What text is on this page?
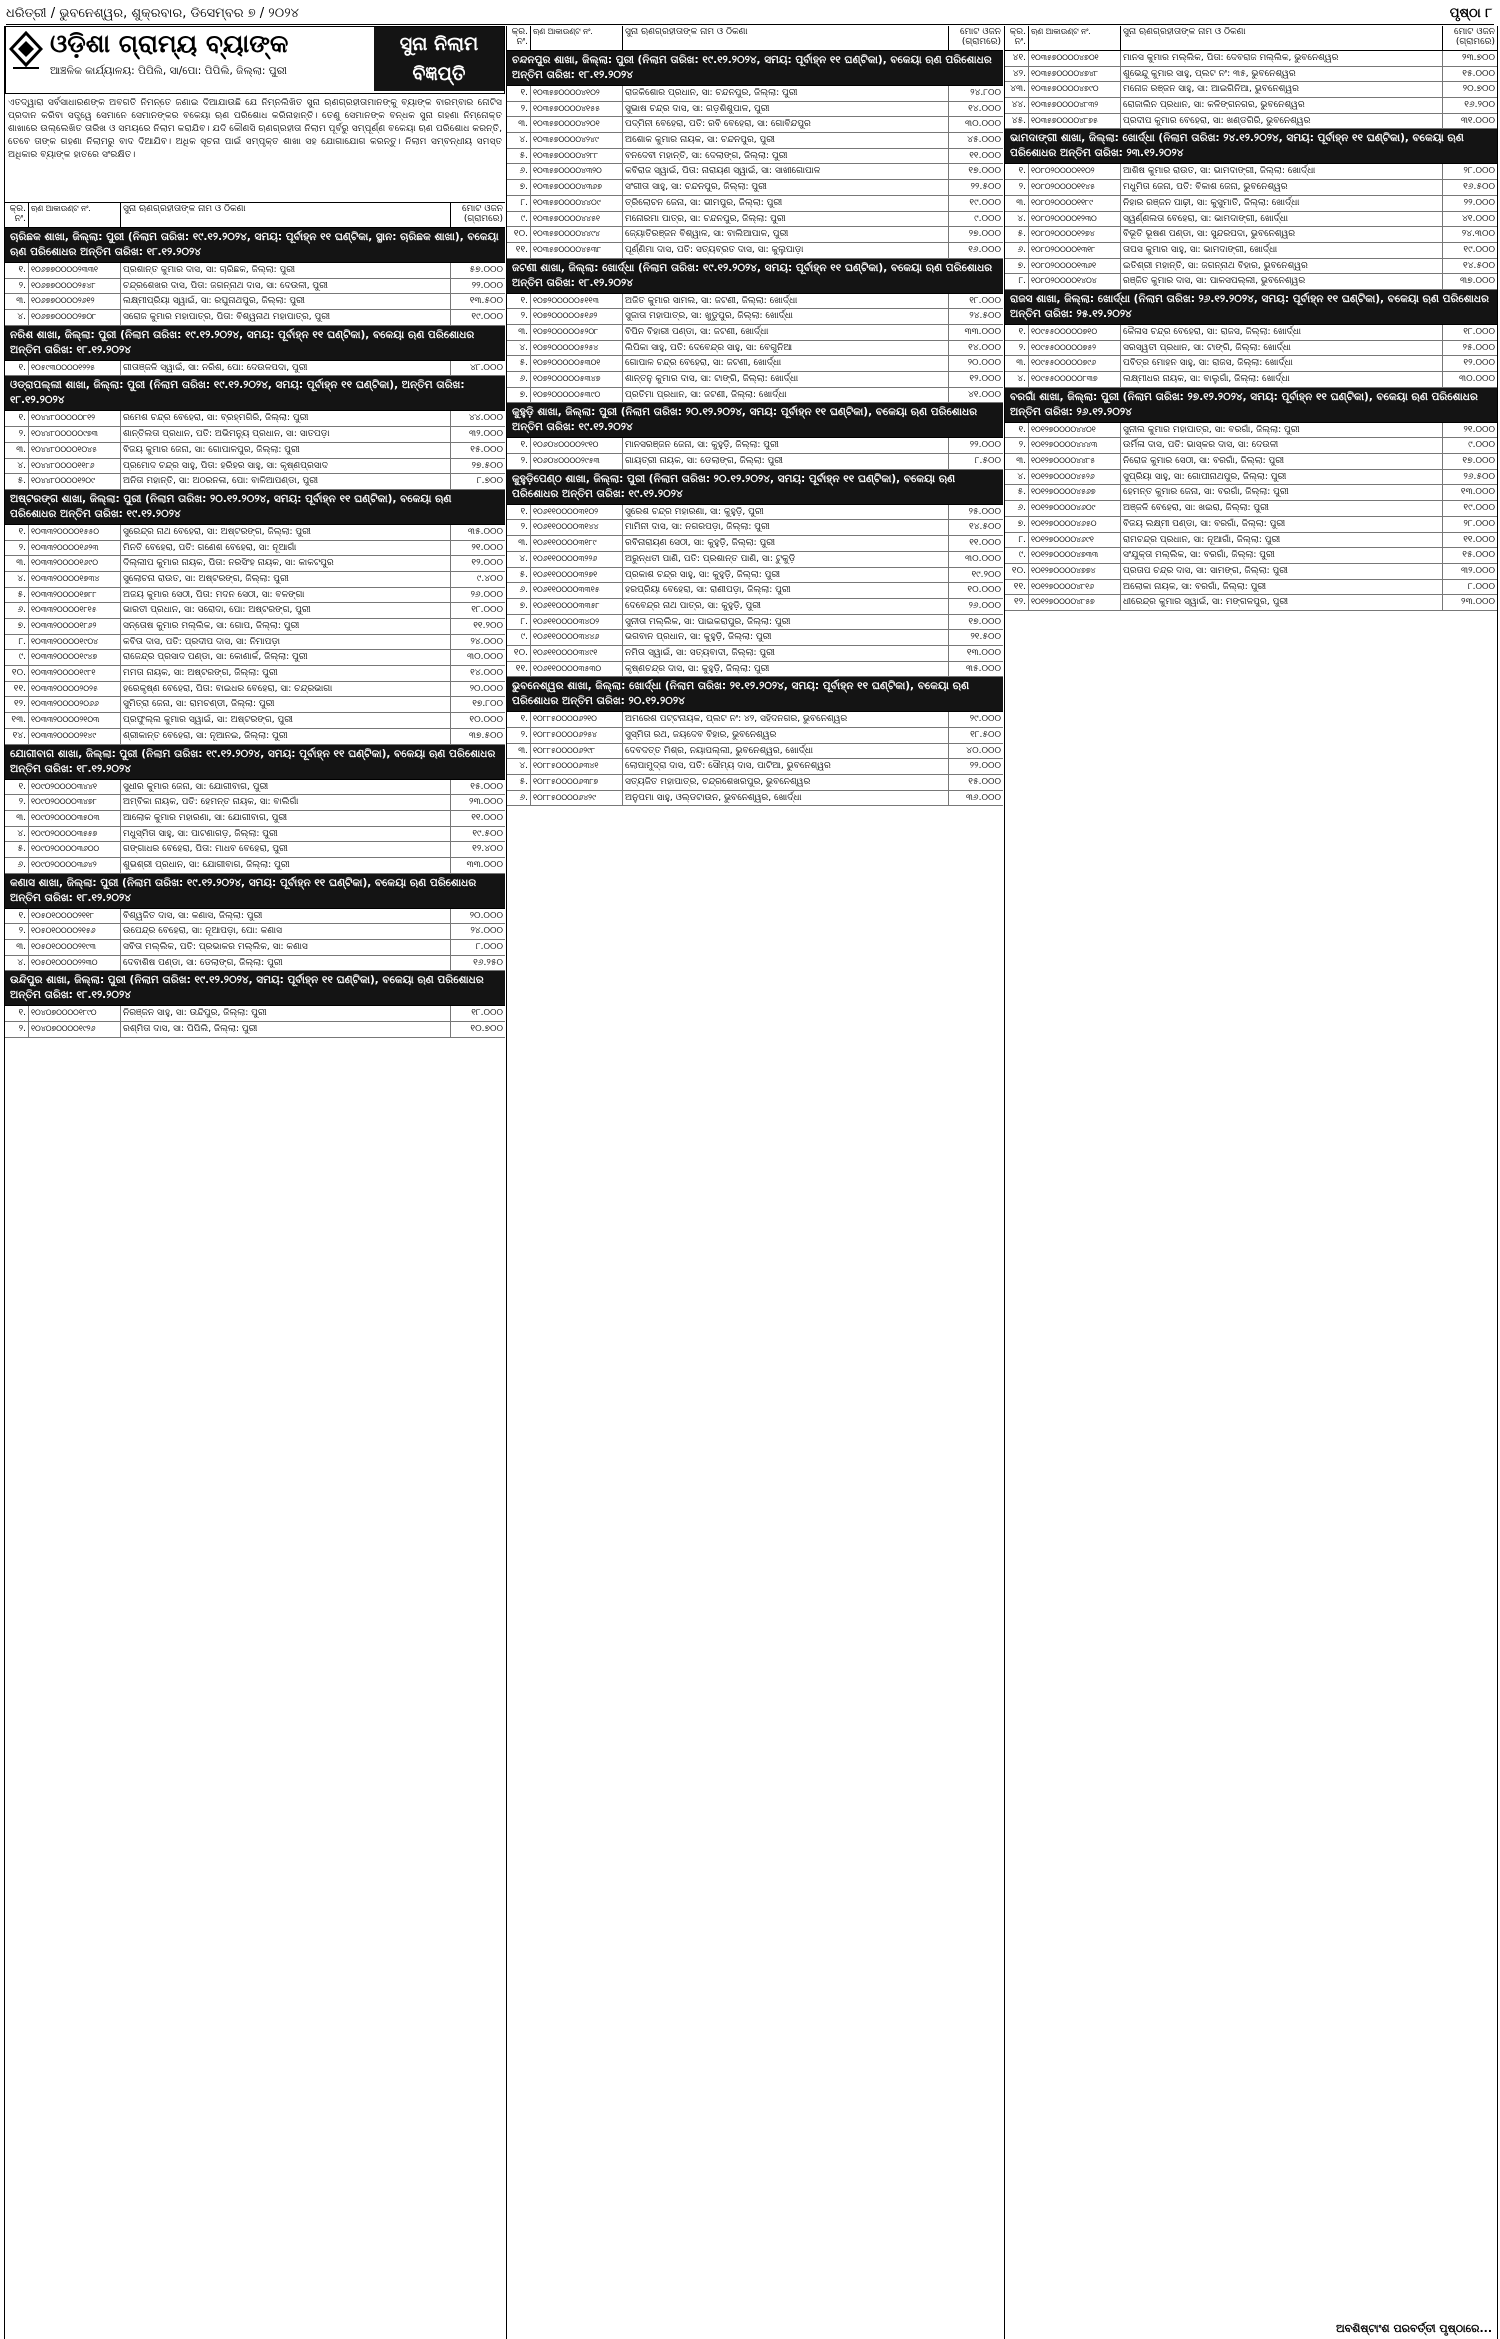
ଧରିତ୍ରୀ / ଭୁବନେଶ୍ୱର, ଶୁକ୍ରବାର, ଡିସେମ୍ବର ୭ / ୨୦୨୪	ପୃଷ୍ଠା ୮
ଓଡ଼ିଶା ଗ୍ରାମ୍ୟ ବ୍ୟାଙ୍କ
ଆଞ୍ଚଳିକ କାର୍ଯ୍ୟାଳୟ: ପିପିଲି, ସା/ପୋ: ପିପିଲି, ଜିଲ୍ଲା: ପୁରୀ
ସୁନା ନିଲାମ ବିଜ୍ଞପ୍ତି
ଏତଦ୍ୱାରା ସର୍ବସାଧାରଣଙ୍କ ଅବଗତି ନିମନ୍ତେ ଜଣାଇ ଦିଆଯାଉଛି ଯେ ନିମ୍ନଲିଖିତ ସୁନା ଋଣଗ୍ରହୀତାମାନଙ୍କୁ ବ୍ୟାଙ୍କ ବାରମ୍ବାର ନୋଟିସ ପ୍ରଦାନ କରିବା ସତ୍ତ୍ୱେ ସେମାନେ ସେମାନଙ୍କର ବକେୟା ଋଣ ପରିଶୋଧ କରିନାହାନ୍ତି। ତେଣୁ ସେମାନଙ୍କ ବନ୍ଧକ ସୁନା ଗହଣା ନିମ୍ନୋକ୍ତ ଶାଖାରେ ଉଲ୍ଲେଖିତ ତାରିଖ ଓ ସମୟରେ ନିଲାମ କରାଯିବ। ଯଦି କୌଣସି ଋଣଗ୍ରହୀତା ନିଲାମ ପୂର୍ବରୁ ସମ୍ପୂର୍ଣ୍ଣ ବକେୟା ଋଣ ପରିଶୋଧ କରନ୍ତି, ତେବେ ତାଙ୍କ ଗହଣା ନିଲାମରୁ ବାଦ ଦିଆଯିବ। ଅଧିକ ସୂଚନା ପାଇଁ ସମ୍ପୃକ୍ତ ଶାଖା ସହ ଯୋଗାଯୋଗ କରନ୍ତୁ। ନିଲାମ ସମ୍ବନ୍ଧୀୟ ସମସ୍ତ ଅଧିକାର ବ୍ୟାଙ୍କ ହାତରେ ସଂରକ୍ଷିତ।
କ୍ର. ନଂ.
ଋଣ ଆକାଉଣ୍ଟ ନଂ.	ସୁନା ଋଣଗ୍ରହୀତାଙ୍କ ନାମ ଓ ଠିକଣା	ମୋଟ ଓଜନ (ଗ୍ରାମରେ)
ଚାରିଛକ ଶାଖା, ଜିଲ୍ଲା: ପୁରୀ (ନିଲାମ ତାରିଖ: ୧୯.୧୨.୨୦୨୪, ସମୟ: ପୂର୍ବାହ୍ନ ୧୧ ଘଣ୍ଟିକା, ସ୍ଥାନ: ଚାରିଛକ ଶାଖା), ବକେୟା ଋଣ ପରିଶୋଧର ଅନ୍ତିମ ତାରିଖ: ୧୮.୧୨.୨୦୨୪
୧. ୧୦୬୭୭୦୦୦୦୨୩୩୧	ପ୍ରଶାନ୍ତ କୁମାର ଦାସ, ସା: ଚାରିଛକ, ଜିଲ୍ଲା: ପୁରୀ	୫୭.୦୦୦
୨. ୧୦୬୭୭୦୦୦୦୨୫୪୮	ଚନ୍ଦ୍ରଶେଖର ଦାସ, ପିତା: ଜଗନ୍ନାଥ ଦାସ, ସା: ଦେଉଳୀ, ପୁରୀ	୨୨.୦୦୦
୩. ୧୦୬୭୭୦୦୦୦୨୬୧୨	ଲକ୍ଷ୍ମୀପ୍ରିୟା ସ୍ୱାଇଁ, ସା: ରଘୁନାଥପୁର, ଜିଲ୍ଲା: ପୁରୀ	୧୩.୫୦୦
୪. ୧୦୬୭୭୦୦୦୦୨୭୦୮	ସରୋଜ କୁମାର ମହାପାତ୍ର, ପିତା: ବିଶ୍ୱନାଥ ମହାପାତ୍ର, ପୁରୀ	୧୯.୦୦୦
ନରିଶ ଶାଖା, ଜିଲ୍ଲା: ପୁରୀ (ନିଲାମ ତାରିଖ: ୧୯.୧୨.୨୦୨୪, ସମୟ: ପୂର୍ବାହ୍ନ ୧୧ ଘଣ୍ଟିକା), ବକେୟା ଋଣ ପରିଶୋଧର ଅନ୍ତିମ ତାରିଖ: ୧୮.୧୨.୨୦୨୪
୧. ୧୦୫୯୩୦୦୦୦୧୨୨୫	ଗୀତାଞ୍ଜଳି ସ୍ୱାଇଁ, ସା: ନରିଶ, ପୋ: ଦେଉଳପଦା, ପୁରୀ	୪୮.୦୦୦
ଓଡ୍ରାପଲ୍ଲୀ ଶାଖା, ଜିଲ୍ଲା: ପୁରୀ (ନିଲାମ ତାରିଖ: ୧୯.୧୨.୨୦୨୪, ସମୟ: ପୂର୍ବାହ୍ନ ୧୧ ଘଣ୍ଟିକା), ଅନ୍ତିମ ତାରିଖ: ୧୮.୧୨.୨୦୨୪
୧. ୧୦୪୪୮୦୦୦୦୦୮୧୨	ରମେଶ ଚନ୍ଦ୍ର ବେହେରା, ସା: ବ୍ରହ୍ମଗିରି, ଜିଲ୍ଲା: ପୁରୀ	୪୪.୦୦୦
୨. ୧୦୪୪୮୦୦୦୦୦୯୭୩	ଶାନ୍ତିଲତା ପ୍ରଧାନ, ପତି: ଅଭିମନ୍ୟୁ ପ୍ରଧାନ, ସା: ସାତପଡ଼ା	୩୨.୦୦୦
୩. ୧୦୪୪୮୦୦୦୦୧୦୪୫	ବିଜୟ କୁମାର ଜେନା, ସା: ଗୋପାଳପୁର, ଜିଲ୍ଲା: ପୁରୀ	୧୫.୦୦୦
୪. ୧୦୪୪୮୦୦୦୦୧୧୮୬	ପ୍ରମୋଦ ଚନ୍ଦ୍ର ସାହୁ, ପିତା: ହରିହର ସାହୁ, ସା: କୃଷ୍ଣପ୍ରସାଦ	୨୭.୫୦୦
୫. ୧୦୪୪୮୦୦୦୦୧୨୦୯	ଅନିତା ମହାନ୍ତି, ସା: ଅଠରନଳା, ପୋ: ବାଳିଆପଣ୍ଡା, ପୁରୀ	୮.୭୦୦
ଅଷ୍ଟରଙ୍ଗ ଶାଖା, ଜିଲ୍ଲା: ପୁରୀ (ନିଲାମ ତାରିଖ: ୨୦.୧୨.୨୦୨୪, ସମୟ: ପୂର୍ବାହ୍ନ ୧୧ ଘଣ୍ଟିକା), ବକେୟା ଋଣ ପରିଶୋଧର ଅନ୍ତିମ ତାରିଖ: ୧୯.୧୨.୨୦୨୪
୧. ୧୦୩୩୨୦୦୦୦୧୫୫୦	ସୁରେନ୍ଦ୍ର ନାଥ ବେହେରା, ସା: ଅଷ୍ଟରଙ୍ଗ, ଜିଲ୍ଲା: ପୁରୀ	୩୫.୦୦୦
୨. ୧୦୩୩୨୦୦୦୦୧୬୨୩	ମିନତି ବେହେରା, ପତି: ଗଣେଶ ବେହେରା, ସା: ନୂଆଗାଁ	୨୧.୦୦୦
୩. ୧୦୩୩୨୦୦୦୦୧୬୯୦	ଦିଲ୍ଲୀପ କୁମାର ନାୟକ, ପିତା: ନରସିଂହ ନାୟକ, ସା: କାକଟପୁର	୧୨.୦୦୦
୪. ୧୦୩୩୨୦୦୦୦୧୭୩୪	ସୁଲୋଚନା ରାଉତ, ସା: ଅଷ୍ଟରଙ୍ଗ, ଜିଲ୍ଲା: ପୁରୀ	୯.୪୦୦
୫. ୧୦୩୩୨୦୦୦୦୧୭୮୮	ଅଜୟ କୁମାର ସେଠୀ, ପିତା: ମଦନ ସେଠୀ, ସା: ବଳଙ୍ଗା	୨୬.୦୦୦
୬. ୧୦୩୩୨୦୦୦୦୧୮୧୫	ଭାରତୀ ପ୍ରଧାନ, ସା: ସରୋଦା, ପୋ: ଅଷ୍ଟରଙ୍ଗ, ପୁରୀ	୧୮.୦୦୦
୭. ୧୦୩୩୨୦୦୦୦୧୮୬୨	ସନ୍ତୋଷ କୁମାର ମଲ୍ଲିକ, ସା: ଗୋପ, ଜିଲ୍ଲା: ପୁରୀ	୧୧.୨୦୦
୮. ୧୦୩୩୨୦୦୦୦୧୯୦୪	କବିତା ଦାସ, ପତି: ପ୍ରଦୀପ ଦାସ, ସା: ନିମାପଡ଼ା	୨୪.୦୦୦
୯. ୧୦୩୩୨୦୦୦୦୧୯୪୭	ରାଜେନ୍ଦ୍ର ପ୍ରସାଦ ପଣ୍ଡା, ସା: କୋଣାର୍କ, ଜିଲ୍ଲା: ପୁରୀ	୩୦.୦୦୦
୧୦. ୧୦୩୩୨୦୦୦୦୧୯୮୧	ମମତା ନାୟକ, ସା: ଅଷ୍ଟରଙ୍ଗ, ଜିଲ୍ଲା: ପୁରୀ	୧୪.୦୦୦
୧୧. ୧୦୩୩୨୦୦୦୦୨୦୨୫	ହରେକୃଷ୍ଣ ବେହେରା, ପିତା: ବାଇଧର ବେହେରା, ସା: ଚନ୍ଦ୍ରଭାଗା	୨୦.୦୦୦
୧୨. ୧୦୩୩୨୦୦୦୦୨୦୬୬	ସୁମିତ୍ରା ଜେନା, ସା: ରାମଚଣ୍ଡୀ, ଜିଲ୍ଲା: ପୁରୀ	୧୭.୮୦୦
୧୩. ୧୦୩୩୨୦୦୦୦୨୧୦୩	ପ୍ରଫୁଲ୍ଲ କୁମାର ସ୍ୱାଇଁ, ସା: ଅଷ୍ଟରଙ୍ଗ, ପୁରୀ	୧୦.୦୦୦
୧୪. ୧୦୩୩୨୦୦୦୦୨୧୪୯	ଶ୍ରୀକାନ୍ତ ବେହେରା, ସା: ନୂଆନଇ, ଜିଲ୍ଲା: ପୁରୀ	୩୭.୫୦୦
ଯୋଗୀବାଗ ଶାଖା, ଜିଲ୍ଲା: ପୁରୀ (ନିଲାମ ତାରିଖ: ୧୯.୧୨.୨୦୨୪, ସମୟ: ପୂର୍ବାହ୍ନ ୧୧ ଘଣ୍ଟିକା), ବକେୟା ଋଣ ପରିଶୋଧର ଅନ୍ତିମ ତାରିଖ: ୧୮.୧୨.୨୦୨୪
୧. ୧୦୯୦୨୦୦୦୦୩୪୪୧	ସୁଧୀର କୁମାର ଜେନା, ସା: ଯୋଗୀବାଗ, ପୁରୀ	୧୫.୦୦୦
୨. ୧୦୯୦୨୦୦୦୦୩୪୭୮	ଅମ୍ବିକା ନାୟକ, ପତି: ହେମନ୍ତ ନାୟକ, ସା: ବାଲିଗାଁ	୨୩.୦୦୦
୩. ୧୦୯୦୨୦୦୦୦୩୫୦୩	ଆଲୋକ କୁମାର ମହାରଣା, ସା: ଯୋଗୀବାଗ, ପୁରୀ	୧୧.୦୦୦
୪. ୧୦୯୦୨୦୦୦୦୩୫୫୭	ମଧୁସ୍ମିତା ସାହୁ, ସା: ପାଟଣାଗଡ଼, ଜିଲ୍ଲା: ପୁରୀ	୧୯.୫୦୦
୫. ୧୦୯୦୨୦୦୦୦୩୬୦୦	ଗଙ୍ଗାଧର ବେହେରା, ପିତା: ମାଧବ ବେହେରା, ପୁରୀ	୧୨.୪୦୦
୬. ୧୦୯୦୨୦୦୦୦୩୬୪୨	ଶୁଭଶ୍ରୀ ପ୍ରଧାନ, ସା: ଯୋଗୀବାଗ, ଜିଲ୍ଲା: ପୁରୀ	୩୩.୦୦୦
କଣାସ ଶାଖା, ଜିଲ୍ଲା: ପୁରୀ (ନିଲାମ ତାରିଖ: ୧୯.୧୨.୨୦୨୪, ସମୟ: ପୂର୍ବାହ୍ନ ୧୧ ଘଣ୍ଟିକା), ବକେୟା ଋଣ ପରିଶୋଧର ଅନ୍ତିମ ତାରିଖ: ୧୮.୧୨.୨୦୨୪
୧. ୧୦୫୦୧୦୦୦୦୨୧୧୮	ବିଶ୍ୱଜିତ ଦାସ, ସା: କଣାସ, ଜିଲ୍ଲା: ପୁରୀ	୨୦.୦୦୦
୨. ୧୦୫୦୧୦୦୦୦୨୧୫୬	ଉପେନ୍ଦ୍ର ବେହେରା, ସା: ନୂଆପଡ଼ା, ପୋ: କଣାସ	୨୪.୦୦୦
୩. ୧୦୫୦୧୦୦୦୦୨୧୯୩	ସବିତା ମଲ୍ଲିକ, ପତି: ପ୍ରଭାକର ମଲ୍ଲିକ, ସା: କଣାସ	୮.୦୦୦
୪. ୧୦୫୦୧୦୦୦୦୨୨୩୦	ଦେବାଶିଷ ପଣ୍ଡା, ସା: ଡେଲାଙ୍ଗ, ଜିଲ୍ଲା: ପୁରୀ	୧୬.୨୫୦
ଉନ୍ଦିପୁର ଶାଖା, ଜିଲ୍ଲା: ପୁରୀ (ନିଲାମ ତାରିଖ: ୧୯.୧୨.୨୦୨୪, ସମୟ: ପୂର୍ବାହ୍ନ ୧୧ ଘଣ୍ଟିକା), ବକେୟା ଋଣ ପରିଶୋଧର ଅନ୍ତିମ ତାରିଖ: ୧୮.୧୨.୨୦୨୪
୧. ୧୦୪୦୭୦୦୦୦୧୮୯୦	ନିରଞ୍ଜନ ସାହୁ, ସା: ଉନ୍ଦିପୁର, ଜିଲ୍ଲା: ପୁରୀ	୧୮.୦୦୦
୨. ୧୦୪୦୭୦୦୦୦୧୯୨୬	ରଶ୍ମିତା ଦାସ, ସା: ପିପିଲି, ଜିଲ୍ଲା: ପୁରୀ	୧୦.୭୦୦
କ୍ର. ନଂ.
ଋଣ ଆକାଉଣ୍ଟ ନଂ.	ସୁନା ଋଣଗ୍ରହୀତାଙ୍କ ନାମ ଓ ଠିକଣା	ମୋଟ ଓଜନ (ଗ୍ରାମରେ)
ଚନ୍ଦନପୁର ଶାଖା, ଜିଲ୍ଲା: ପୁରୀ (ନିଲାମ ତାରିଖ: ୧୯.୧୨.୨୦୨୪, ସମୟ: ପୂର୍ବାହ୍ନ ୧୧ ଘଣ୍ଟିକା), ବକେୟା ଋଣ ପରିଶୋଧର ଅନ୍ତିମ ତାରିଖ: ୧୮.୧୨.୨୦୨୪
୧. ୧୦୩୫୭୦୦୦୦୪୧୦୨	ରାଜକିଶୋର ପ୍ରଧାନ, ସା: ଚନ୍ଦନପୁର, ଜିଲ୍ଲା: ପୁରୀ	୨୪.୮୦୦
୨. ୧୦୩୫୭୦୦୦୦୪୧୫୫	ସୁଭାଷ ଚନ୍ଦ୍ର ଦାସ, ସା: ଗଡ଼ଶିଶୁପାଳ, ପୁରୀ	୧୪.୦୦୦
୩. ୧୦୩୫୭୦୦୦୦୪୨୦୧	ପଦ୍ମିନୀ ବେହେରା, ପତି: ରବି ବେହେରା, ସା: ଗୋବିନ୍ଦପୁର	୩୦.୦୦୦
୪. ୧୦୩୫୭୦୦୦୦୪୨୪୯	ଅଶୋକ କୁମାର ନାୟକ, ସା: ଚନ୍ଦନପୁର, ପୁରୀ	୪୫.୦୦୦
୫. ୧୦୩୫୭୦୦୦୦୪୨୮୮	ବନଦେବୀ ମହାନ୍ତି, ସା: ଦେଲାଙ୍ଗ, ଜିଲ୍ଲା: ପୁରୀ	୧୧.୦୦୦
୬. ୧୦୩୫୭୦୦୦୦୪୩୨୦	କବିରାଜ ସ୍ୱାଇଁ, ପିତା: ନାରାୟଣ ସ୍ୱାଇଁ, ସା: ସାଖୀଗୋପାଳ	୧୭.୦୦୦
୭. ୧୦୩୫୭୦୦୦୦୪୩୬୭	ସଂଗୀତା ସାହୁ, ସା: ଚନ୍ଦନପୁର, ଜିଲ୍ଲା: ପୁରୀ	୨୨.୫୦୦
୮. ୧୦୩୫୭୦୦୦୦୪୪୦୯	ତ୍ରିଲୋଚନ ଜେନା, ସା: ଭୀମପୁର, ଜିଲ୍ଲା: ପୁରୀ	୧୯.୦୦୦
୯. ୧୦୩୫୭୦୦୦୦୪୪୫୧	ମନୋରମା ପାତ୍ର, ସା: ଚନ୍ଦନପୁର, ଜିଲ୍ଲା: ପୁରୀ	୯.୦୦୦
୧୦. ୧୦୩୫୭୦୦୦୦୪୪୯୪	ଜ୍ୟୋତିରଞ୍ଜନ ବିଶ୍ୱାଳ, ସା: ବାଲିଆପାଳ, ପୁରୀ	୨୭.୦୦୦
୧୧. ୧୦୩୫୭୦୦୦୦୪୫୩୮	ପୂର୍ଣ୍ଣିମା ଦାସ, ପତି: ସତ୍ୟବ୍ରତ ଦାସ, ସା: କୁଲୁପାଡ଼ା	୧୬.୦୦୦
ଜଟଣୀ ଶାଖା, ଜିଲ୍ଲା: ଖୋର୍ଦ୍ଧା (ନିଲାମ ତାରିଖ: ୧୯.୧୨.୨୦୨୪, ସମୟ: ପୂର୍ବାହ୍ନ ୧୧ ଘଣ୍ଟିକା), ବକେୟା ଋଣ ପରିଶୋଧର ଅନ୍ତିମ ତାରିଖ: ୧୮.୧୨.୨୦୨୪
୧. ୧୦୭୨୦୦୦୦୦୫୧୧୩	ଅଜିତ କୁମାର ସାମଲ, ସା: ଜଟଣୀ, ଜିଲ୍ଲା: ଖୋର୍ଦ୍ଧା	୧୮.୦୦୦
୨. ୧୦୭୨୦୦୦୦୦୫୧୬୨	ସୁଜାତା ମହାପାତ୍ର, ସା: ଖୁଡୁପୁର, ଜିଲ୍ଲା: ଖୋର୍ଦ୍ଧା	୨୪.୫୦୦
୩. ୧୦୭୨୦୦୦୦୦୫୨୦୮	ବିପିନ ବିହାରୀ ପଣ୍ଡା, ସା: ଜଟଣୀ, ଖୋର୍ଦ୍ଧା	୩୩.୦୦୦
୪. ୧୦୭୨୦୦୦୦୦୫୨୫୪	ଲିପିକା ସାହୁ, ପତି: ଦେବେନ୍ଦ୍ର ସାହୁ, ସା: ବେଗୁନିଆ	୧୪.୦୦୦
୫. ୧୦୭୨୦୦୦୦୦୫୩୦୧	ଗୋପାଳ ଚନ୍ଦ୍ର ବେହେରା, ସା: ଜଟଣୀ, ଖୋର୍ଦ୍ଧା	୨୦.୦୦୦
୬. ୧୦୭୨୦୦୦୦୦୫୩୪୭	ଶାନ୍ତନୁ କୁମାର ଦାସ, ସା: ଟାଙ୍ଗି, ଜିଲ୍ଲା: ଖୋର୍ଦ୍ଧା	୧୨.୦୦୦
୭. ୧୦୭୨୦୦୦୦୦୫୩୯୦	ପ୍ରତିମା ପ୍ରଧାନ, ସା: ଜଟଣୀ, ଜିଲ୍ଲା: ଖୋର୍ଦ୍ଧା	୪୧.୦୦୦
କୁହୁଡ଼ି ଶାଖା, ଜିଲ୍ଲା: ପୁରୀ (ନିଲାମ ତାରିଖ: ୨୦.୧୨.୨୦୨୪, ସମୟ: ପୂର୍ବାହ୍ନ ୧୧ ଘଣ୍ଟିକା), ବକେୟା ଋଣ ପରିଶୋଧର ଅନ୍ତିମ ତାରିଖ: ୧୯.୧୨.୨୦୨୪
୧. ୧୦୬୦୪୦୦୦୦୨୯୧୦	ମାନସରଞ୍ଜନ ଜେନା, ସା: କୁହୁଡ଼ି, ଜିଲ୍ଲା: ପୁରୀ	୨୨.୦୦୦
୨. ୧୦୬୦୪୦୦୦୦୨୯୫୩	ଗାୟତ୍ରୀ ନାୟକ, ସା: ଡେଲାଙ୍ଗ, ଜିଲ୍ଲା: ପୁରୀ	୮.୫୦୦
କୁହୁଡ଼ିପେଣ୍ଠ ଶାଖା, ଜିଲ୍ଲା: ପୁରୀ (ନିଲାମ ତାରିଖ: ୨୦.୧୨.୨୦୨୪, ସମୟ: ପୂର୍ବାହ୍ନ ୧୧ ଘଣ୍ଟିକା), ବକେୟା ଋଣ ପରିଶୋଧର ଅନ୍ତିମ ତାରିଖ: ୧୯.୧୨.୨୦୨୪
୧. ୧୦୬୧୧୦୦୦୦୩୧୦୨	ସୁରେଶ ଚନ୍ଦ୍ର ମହାରଣା, ସା: କୁହୁଡ଼ି, ପୁରୀ	୨୫.୦୦୦
୨. ୧୦୬୧୧୦୦୦୦୩୧୪୪	ମାମିନୀ ଦାସ, ସା: ନଗରପଡ଼ା, ଜିଲ୍ଲା: ପୁରୀ	୧୪.୫୦୦
୩. ୧୦୬୧୧୦୦୦୦୩୧୮୯	ରବିନାରାୟଣ ସେଠୀ, ସା: କୁହୁଡ଼ି, ଜିଲ୍ଲା: ପୁରୀ	୧୧.୦୦୦
୪. ୧୦୬୧୧୦୦୦୦୩୨୨୬	ଅରୁନ୍ଧତୀ ପାଣି, ପତି: ପ୍ରଶାନ୍ତ ପାଣି, ସା: ଟୁକୁଡ଼ି	୩୦.୦୦୦
୫. ୧୦୬୧୧୦୦୦୦୩୨୭୧	ପ୍ରକାଶ ଚନ୍ଦ୍ର ସାହୁ, ସା: କୁହୁଡ଼ି, ଜିଲ୍ଲା: ପୁରୀ	୧୯.୨୦୦
୬. ୧୦୬୧୧୦୦୦୦୩୩୧୫	ହରପ୍ରିୟା ବେହେରା, ସା: ରାଣୀପଡ଼ା, ଜିଲ୍ଲା: ପୁରୀ	୧୦.୦୦୦
୭. ୧୦୬୧୧୦୦୦୦୩୩୫୮	ଦେବେନ୍ଦ୍ର ନାଥ ପାତ୍ର, ସା: କୁହୁଡ଼ି, ପୁରୀ	୨୬.୦୦୦
୮. ୧୦୬୧୧୦୦୦୦୩୪୦୨	ସୁନୀତା ମଲ୍ଲିକ, ସା: ପାଇକରାପୁର, ଜିଲ୍ଲା: ପୁରୀ	୧୭.୦୦୦
୯. ୧୦୬୧୧୦୦୦୦୩୪୪୬	ଭଗବାନ ପ୍ରଧାନ, ସା: କୁହୁଡ଼ି, ଜିଲ୍ଲା: ପୁରୀ	୨୧.୫୦୦
୧୦. ୧୦୬୧୧୦୦୦୦୩୪୯୧	ନମିତା ସ୍ୱାଇଁ, ସା: ସତ୍ୟବାଦୀ, ଜିଲ୍ଲା: ପୁରୀ	୧୩.୦୦୦
୧୧. ୧୦୬୧୧୦୦୦୦୩୫୩୦	କୃଷ୍ଣଚନ୍ଦ୍ର ଦାସ, ସା: କୁହୁଡ଼ି, ଜିଲ୍ଲା: ପୁରୀ	୩୫.୦୦୦
ଭୁବନେଶ୍ୱର ଶାଖା, ଜିଲ୍ଲା: ଖୋର୍ଦ୍ଧା (ନିଲାମ ତାରିଖ: ୨୧.୧୨.୨୦୨୪, ସମୟ: ପୂର୍ବାହ୍ନ ୧୧ ଘଣ୍ଟିକା), ବକେୟା ଋଣ ପରିଶୋଧର ଅନ୍ତିମ ତାରିଖ: ୨୦.୧୨.୨୦୨୪
୧. ୧୦୮୮୫୦୦୦୦୬୨୧୦	ଅମରେଶ ପଟ୍ଟନାୟକ, ପ୍ଲଟ ନଂ: ୪୨, ସହିଦନଗର, ଭୁବନେଶ୍ୱର	୨୯.୦୦୦
୨. ୧୦୮୮୫୦୦୦୦୬୨୫୪	ସୁସ୍ମିତା ରଥ, ଜୟଦେବ ବିହାର, ଭୁବନେଶ୍ୱର	୧୮.୫୦୦
୩. ୧୦୮୮୫୦୦୦୦୬୨୯୮	ଦେବଦତ୍ତ ମିଶ୍ର, ନୟାପଲ୍ଲୀ, ଭୁବନେଶ୍ୱର, ଖୋର୍ଦ୍ଧା	୪୦.୦୦୦
୪. ୧୦୮୮୫୦୦୦୦୬୩୪୧	ଲୋପାମୁଦ୍ରା ଦାସ, ପତି: ସୌମ୍ୟ ଦାସ, ପାଟିଆ, ଭୁବନେଶ୍ୱର	୨୨.୦୦୦
୫. ୧୦୮୮୫୦୦୦୦୬୩୮୭	ସତ୍ୟଜିତ ମହାପାତ୍ର, ଚନ୍ଦ୍ରଶେଖରପୁର, ଭୁବନେଶ୍ୱର	୧୫.୦୦୦
୬. ୧୦୮୮୫୦୦୦୦୬୪୨୯	ଅନୁପମା ସାହୁ, ଓଲ୍ଡଟାଉନ, ଭୁବନେଶ୍ୱର, ଖୋର୍ଦ୍ଧା	୩୬.୦୦୦
କ୍ର. ନଂ.
ଋଣ ଆକାଉଣ୍ଟ ନଂ.	ସୁନା ଋଣଗ୍ରହୀତାଙ୍କ ନାମ ଓ ଠିକଣା	ମୋଟ ଓଜନ (ଗ୍ରାମରେ)
୪୧. ୧୦୩୫୭୦୦୦୦୪୭୦୧	ମାନସ କୁମାର ମଲ୍ଲିକ, ପିତା: ଦେବରାଜ ମଲ୍ଲିକ, ଭୁବନେଶ୍ୱର	୨୩.୭୦୦
୪୨. ୧୦୩୫୭୦୦୦୦୪୭୪୮	ଶୁଭେନ୍ଦୁ କୁମାର ସାହୁ, ପ୍ଲଟ ନଂ: ୩୫, ଭୁବନେଶ୍ୱର	୧୫.୦୦୦
୪୩. ୧୦୩୫୭୦୦୦୦୪୭୯୦	ମନୋଜ ରଞ୍ଜନ ସାହୁ, ସା: ଆଇଗିନିଆ, ଭୁବନେଶ୍ୱର	୨୦.୭୦୦
୪୪. ୧୦୩୫୭୦୦୦୦୪୮୩୨	ରୋଜାଲିନ ପ୍ରଧାନ, ସା: କଳିଙ୍ଗନଗର, ଭୁବନେଶ୍ୱର	୧୬.୨୦୦
୪୫. ୧୦୩୫୭୦୦୦୦୪୮୭୫	ପ୍ରଦୀପ କୁମାର ବେହେରା, ସା: ଖଣ୍ଡଗିରି, ଭୁବନେଶ୍ୱର	୩୧.୦୦୦
ଭାମଦାଙ୍ଗୀ ଶାଖା, ଜିଲ୍ଲା: ଖୋର୍ଦ୍ଧା (ନିଲାମ ତାରିଖ: ୨୪.୧୨.୨୦୨୪, ସମୟ: ପୂର୍ବାହ୍ନ ୧୧ ଘଣ୍ଟିକା), ବକେୟା ଋଣ ପରିଶୋଧର ଅନ୍ତିମ ତାରିଖ: ୨୩.୧୨.୨୦୨୪
୧. ୧୦୮୦୨୦୦୦୦୧୧୦୨	ଆଶିଷ କୁମାର ରାଉତ, ସା: ଭାମଦାଙ୍ଗୀ, ଜିଲ୍ଲା: ଖୋର୍ଦ୍ଧା	୨୮.୦୦୦
୨. ୧୦୮୦୨୦୦୦୦୧୧୪୫	ମଧୁମିତା ଜେନା, ପତି: ବିକାଶ ଜେନା, ଭୁବନେଶ୍ୱର	୧୬.୫୦୦
୩. ୧୦୮୦୨୦୦୦୦୧୧୮୯	ନିହାର ରଞ୍ଜନ ପାଢ଼ୀ, ସା: କୁସୁମାତି, ଜିଲ୍ଲା: ଖୋର୍ଦ୍ଧା	୨୨.୦୦୦
୪. ୧୦୮୦୨୦୦୦୦୧୨୩୦	ସ୍ୱର୍ଣ୍ଣଲତା ବେହେରା, ସା: ଭାମଦାଙ୍ଗୀ, ଖୋର୍ଦ୍ଧା	୪୧.୦୦୦
୫. ୧୦୮୦୨୦୦୦୦୧୨୭୪	ବିଭୂତି ଭୂଷଣ ପଣ୍ଡା, ସା: ସୁନ୍ଦରପଦା, ଭୁବନେଶ୍ୱର	୨୪.୩୦୦
୬. ୧୦୮୦୨୦୦୦୦୧୩୧୮	ତାପସ କୁମାର ସାହୁ, ସା: ଭାମଦାଙ୍ଗୀ, ଖୋର୍ଦ୍ଧା	୧୯.୦୦୦
୭. ୧୦୮୦୨୦୦୦୦୧୩୬୧	ଇତିଶ୍ରୀ ମହାନ୍ତି, ସା: ଜଗନ୍ନାଥ ବିହାର, ଭୁବନେଶ୍ୱର	୧୪.୫୦୦
୮. ୧୦୮୦୨୦୦୦୦୧୪୦୪	ରଞ୍ଜିତ କୁମାର ଦାସ, ସା: ପାଳସପଲ୍ଲୀ, ଭୁବନେଶ୍ୱର	୩୭.୦୦୦
ରାଜସ ଶାଖା, ଜିଲ୍ଲା: ଖୋର୍ଦ୍ଧା (ନିଲାମ ତାରିଖ: ୨୬.୧୨.୨୦୨୪, ସମୟ: ପୂର୍ବାହ୍ନ ୧୧ ଘଣ୍ଟିକା), ବକେୟା ଋଣ ପରିଶୋଧର ଅନ୍ତିମ ତାରିଖ: ୨୫.୧୨.୨୦୨୪
୧. ୧୦୯୫୫୦୦୦୦୦୭୧୦	କୈଳାସ ଚନ୍ଦ୍ର ବେହେରା, ସା: ରାଜସ, ଜିଲ୍ଲା: ଖୋର୍ଦ୍ଧା	୧୮.୦୦୦
୨. ୧୦୯୫୫୦୦୦୦୦୭୫୨	ସରସ୍ୱତୀ ପ୍ରଧାନ, ସା: ଟାଙ୍ଗି, ଜିଲ୍ଲା: ଖୋର୍ଦ୍ଧା	୨୫.୦୦୦
୩. ୧୦୯୫୫୦୦୦୦୦୭୯୬	ପବିତ୍ର ମୋହନ ସାହୁ, ସା: ରାଜସ, ଜିଲ୍ଲା: ଖୋର୍ଦ୍ଧା	୧୨.୦୦୦
୪. ୧୦୯୫୫୦୦୦୦୦୮୩୭	ଲକ୍ଷ୍ମୀଧର ନାୟକ, ସା: ବାଲୁଗାଁ, ଜିଲ୍ଲା: ଖୋର୍ଦ୍ଧା	୩୦.୦୦୦
ବରଗାଁ ଶାଖା, ଜିଲ୍ଲା: ପୁରୀ (ନିଲାମ ତାରିଖ: ୨୭.୧୨.୨୦୨୪, ସମୟ: ପୂର୍ବାହ୍ନ ୧୧ ଘଣ୍ଟିକା), ବକେୟା ଋଣ ପରିଶୋଧର ଅନ୍ତିମ ତାରିଖ: ୨୬.୧୨.୨୦୨୪
୧. ୧୦୧୨୭୦୦୦୦୪୪୦୧	ସୁନୀଲ କୁମାର ମହାପାତ୍ର, ସା: ବରଗାଁ, ଜିଲ୍ଲା: ପୁରୀ	୨୧.୦୦୦
୨. ୧୦୧୨୭୦୦୦୦୪୪୪୩	ଉର୍ମିଳା ଦାସ, ପତି: ଭାସ୍କର ଦାସ, ସା: ଦେଉଳୀ	୯.୦୦୦
୩. ୧୦୧୨୭୦୦୦୦୪୪୮୫	ନିରୋଜ କୁମାର ସେଠୀ, ସା: ବରଗାଁ, ଜିଲ୍ଲା: ପୁରୀ	୧୭.୦୦୦
୪. ୧୦୧୨୭୦୦୦୦୪୫୨୬	ସୁପ୍ରିୟା ସାହୁ, ସା: ଗୋପୀନାଥପୁର, ଜିଲ୍ଲା: ପୁରୀ	୨୬.୫୦୦
୫. ୧୦୧୨୭୦୦୦୦୪୫୬୭	ହେମନ୍ତ କୁମାର ଜେନା, ସା: ବରଗାଁ, ଜିଲ୍ଲା: ପୁରୀ	୧୩.୦୦୦
୬. ୧୦୧୨୭୦୦୦୦୪୬୦୯	ଅଞ୍ଜଳି ବେହେରା, ସା: ଖଇରା, ଜିଲ୍ଲା: ପୁରୀ	୧୯.୦୦୦
୭. ୧୦୧୨୭୦୦୦୦୪୬୫୦	ବିଜୟ ଲକ୍ଷ୍ମୀ ପଣ୍ଡା, ସା: ବରଗାଁ, ଜିଲ୍ଲା: ପୁରୀ	୨୮.୦୦୦
୮. ୧୦୧୨୭୦୦୦୦୪୬୯୧	ରାମଚନ୍ଦ୍ର ପ୍ରଧାନ, ସା: ନୂଆଗାଁ, ଜିଲ୍ଲା: ପୁରୀ	୧୧.୦୦୦
୯. ୧୦୧୨୭୦୦୦୦୪୭୩୩	ସଂଯୁକ୍ତା ମଲ୍ଲିକ, ସା: ବରଗାଁ, ଜିଲ୍ଲା: ପୁରୀ	୧୫.୦୦୦
୧୦. ୧୦୧୨୭୦୦୦୦୪୭୭୪	ପ୍ରତାପ ଚନ୍ଦ୍ର ଦାସ, ସା: ସାମଙ୍ଗ, ଜିଲ୍ଲା: ପୁରୀ	୩୨.୦୦୦
୧୧. ୧୦୧୨୭୦୦୦୦୪୮୧୬	ଅଲୋକା ନାୟକ, ସା: ବରଗାଁ, ଜିଲ୍ଲା: ପୁରୀ	୮.୦୦୦
୧୨. ୧୦୧୨୭୦୦୦୦୪୮୫୭	ଧୀରେନ୍ଦ୍ର କୁମାର ସ୍ୱାଇଁ, ସା: ମଙ୍ଗଳପୁର, ପୁରୀ	୨୩.୦୦୦
ଅବଶିଷ୍ଟାଂଶ ପରବର୍ତ୍ତୀ ପୃଷ୍ଠାରେ...
